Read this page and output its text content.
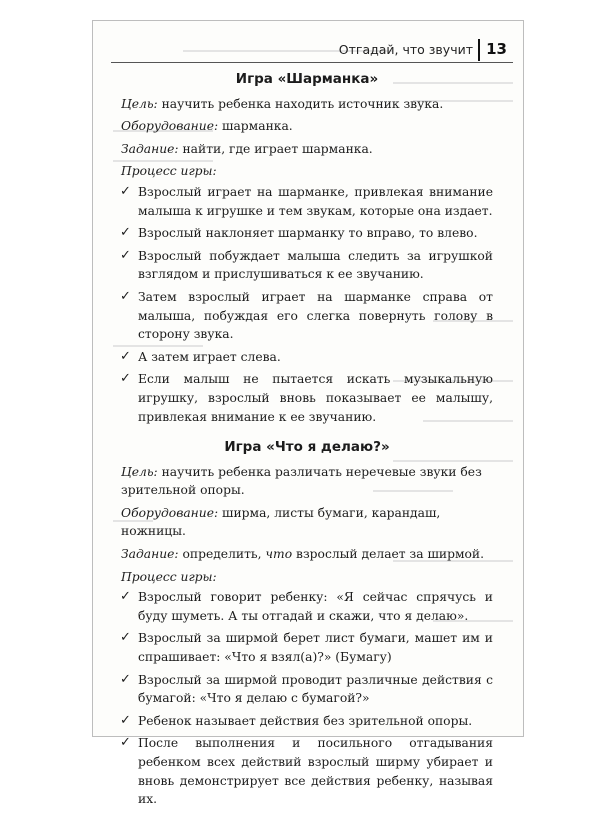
Отгадай, что звучит 13
Игра «Шарманка»

Цель: научить ребенка находить источник звука.

Оборудование: шарманка.

Задание: найти, где играет шарманка.

Процесс игры:

✓ Взрослый играет на шарманке, привлекая внимание малыша к игрушке и тем звукам, которые она издает.
✓ Взрослый наклоняет шарманку то вправо, то влево.
✓ Взрослый побуждает малыша следить за игрушкой взглядом и прислушиваться к ее звучанию.
✓ Затем взрослый играет на шарманке справа от малыша, побуждая его слегка повернуть голову в сторону звука.
✓ А затем играет слева.
✓ Если малыш не пытается искать музыкальную игрушку, взрослый вновь показывает ее малышу, привлекая внимание к ее звучанию.
Игра «Что я делаю?»

Цель: научить ребенка различать неречевые звуки без зрительной опоры.

Оборудование: ширма, листы бумаги, карандаш, ножницы.

Задание: определить, что взрослый делает за ширмой.

Процесс игры:

✓ Взрослый говорит ребенку: «Я сейчас спрячусь и буду шуметь. А ты отгадай и скажи, что я делаю».
✓ Взрослый за ширмой берет лист бумаги, машет им и спрашивает: «Что я взял(а)?» (Бумагу)
✓ Взрослый за ширмой проводит различные действия с бумагой: «Что я делаю с бумагой?»
✓ Ребенок называет действия без зрительной опоры.
✓ После выполнения и посильного отгадывания ребенком всех действий взрослый ширму убирает и вновь демонстрирует все действия ребенку, называя их.
